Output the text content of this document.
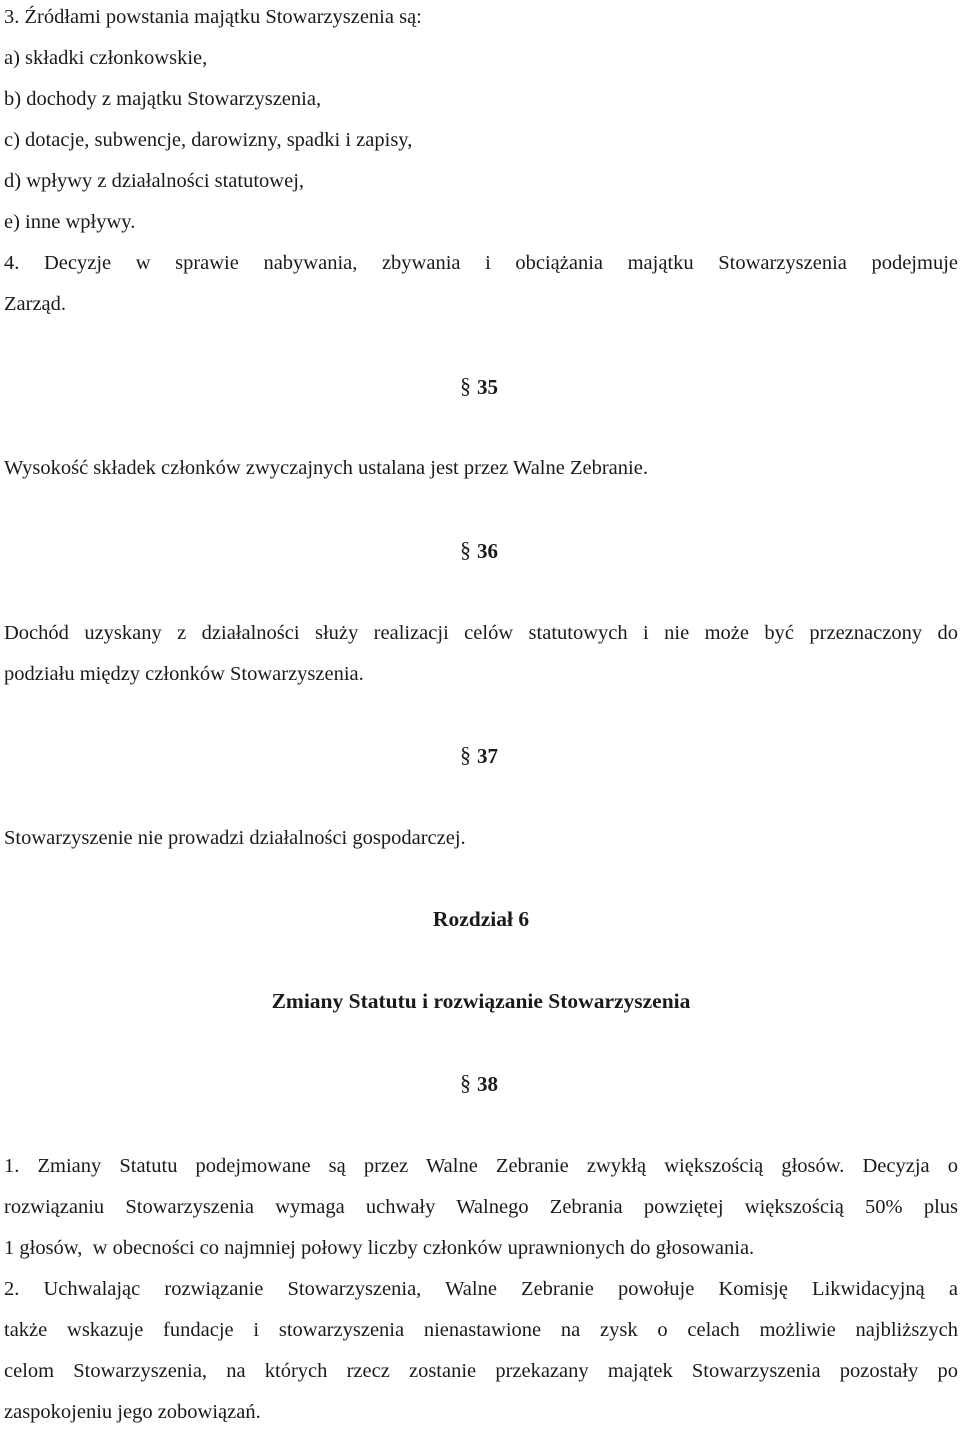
3. Źródłami powstania majątku Stowarzyszenia są:
a) składki członkowskie,
b) dochody z majątku Stowarzyszenia,
c) dotacje, subwencje, darowizny, spadki i zapisy,
d) wpływy z działalności statutowej,
e) inne wpływy.
4. Decyzje w sprawie nabywania, zbywania i obciążania majątku Stowarzyszenia podejmuje
Zarząd.
§ 35
Wysokość składek członków zwyczajnych ustalana jest przez Walne Zebranie.
§ 36
Dochód uzyskany z działalności służy realizacji celów statutowych i nie może być przeznaczony do
podziału między członków Stowarzyszenia.
§ 37
Stowarzyszenie nie prowadzi działalności gospodarczej.
Rozdział 6
Zmiany Statutu i rozwiązanie Stowarzyszenia
§ 38
1. Zmiany Statutu podejmowane są przez Walne Zebranie zwykłą większością głosów. Decyzja o
rozwiązaniu Stowarzyszenia wymaga uchwały Walnego Zebrania powziętej większością 50% plus
1 głosów,  w obecności co najmniej połowy liczby członków uprawnionych do głosowania.
2. Uchwalając rozwiązanie Stowarzyszenia, Walne Zebranie powołuje Komisję Likwidacyjną a
także wskazuje fundacje i stowarzyszenia nienastawione na zysk o celach możliwie najbliższych
celom Stowarzyszenia, na których rzecz zostanie przekazany majątek Stowarzyszenia pozostały po
zaspokojeniu jego zobowiązań.
